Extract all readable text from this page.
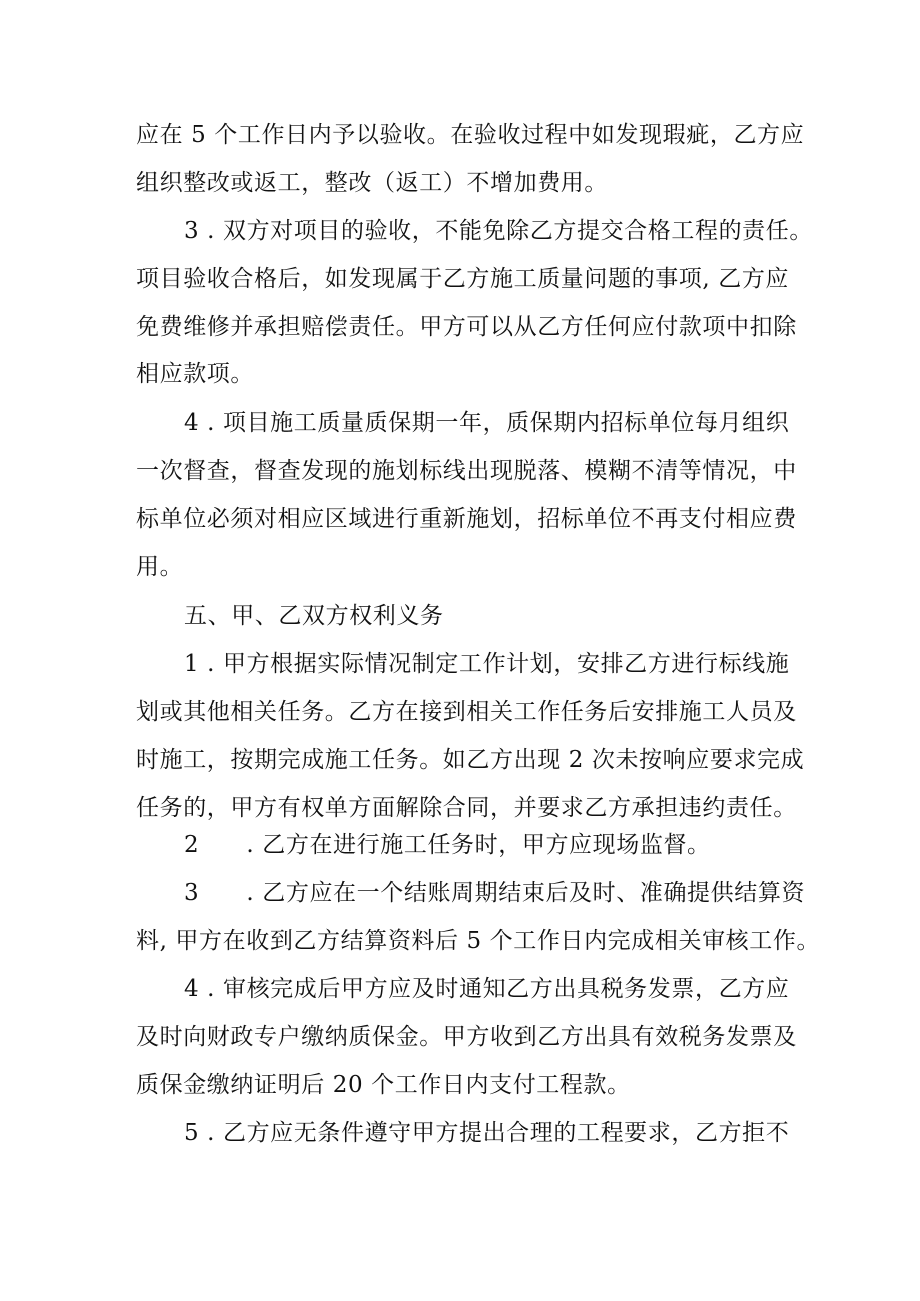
应在 5 个工作日内予以验收。在验收过程中如发现瑕疵，乙方应
组织整改或返工，整改（返工）不增加费用。
3 . 双方对项目的验收，不能免除乙方提交合格工程的责任。
项目验收合格后，如发现属于乙方施工质量问题的事项, 乙方应
免费维修并承担赔偿责任。甲方可以从乙方任何应付款项中扣除
相应款项。
4 . 项目施工质量质保期一年，质保期内招标单位每月组织
一次督查，督查发现的施划标线出现脱落、模糊不清等情况，中
标单位必须对相应区域进行重新施划，招标单位不再支付相应费
用。
五、甲、乙双方权利义务
1 . 甲方根据实际情况制定工作计划，安排乙方进行标线施
划或其他相关任务。乙方在接到相关工作任务后安排施工人员及
时施工，按期完成施工任务。如乙方出现 2 次未按响应要求完成
任务的，甲方有权单方面解除合同，并要求乙方承担违约责任。
2　　. 乙方在进行施工任务时，甲方应现场监督。
3　　. 乙方应在一个结账周期结束后及时、准确提供结算资
料, 甲方在收到乙方结算资料后 5 个工作日内完成相关审核工作。
4 . 审核完成后甲方应及时通知乙方出具税务发票，乙方应
及时向财政专户缴纳质保金。甲方收到乙方出具有效税务发票及
质保金缴纳证明后 20 个工作日内支付工程款。
5 . 乙方应无条件遵守甲方提出合理的工程要求，乙方拒不
